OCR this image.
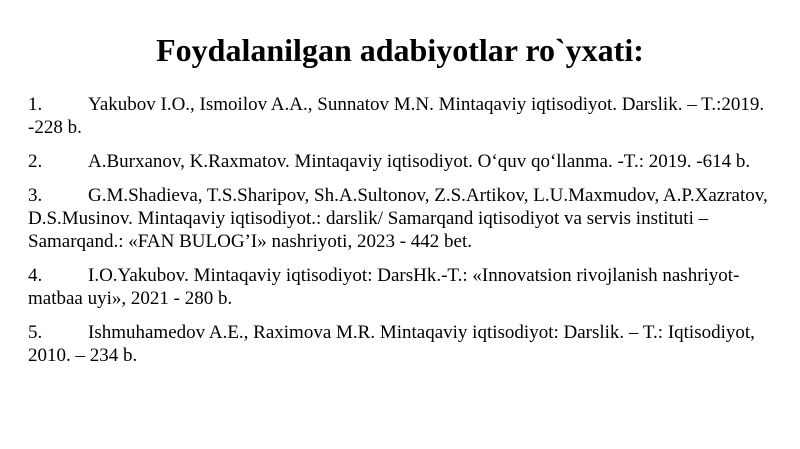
Foydalanilgan adabiyotlar ro`yxati:
1. Yakubov I.O., Ismoilov A.A., Sunnatov M.N. Mintaqaviy iqtisodiyot. Darslik. – T.:2019. -228 b.
2. A.Burxanov, K.Raxmatov. Mintaqaviy iqtisodiyot. O‘quv qo‘llanma. -T.: 2019. -614 b.
3. G.M.Shadieva, T.S.Sharipov, Sh.A.Sultonov, Z.S.Artikov, L.U.Maxmudov, A.P.Xazratov, D.S.Musinov. Mintaqaviy iqtisodiyot.: darslik/ Samarqand iqtisodiyot va servis instituti – Samarqand.: «FAN BULOG’I» nashriyoti, 2023 - 442 bet.
4. I.O.Yakubov. Mintaqaviy iqtisodiyot: DarsHk.-T.: «Innovatsion rivojlanish nashriyot-matbaa uyi», 2021 - 280 b.
5. Ishmuhamedov A.E., Raximova M.R. Mintaqaviy iqtisodiyot: Darslik. – T.: Iqtisodiyot, 2010. – 234 b.
